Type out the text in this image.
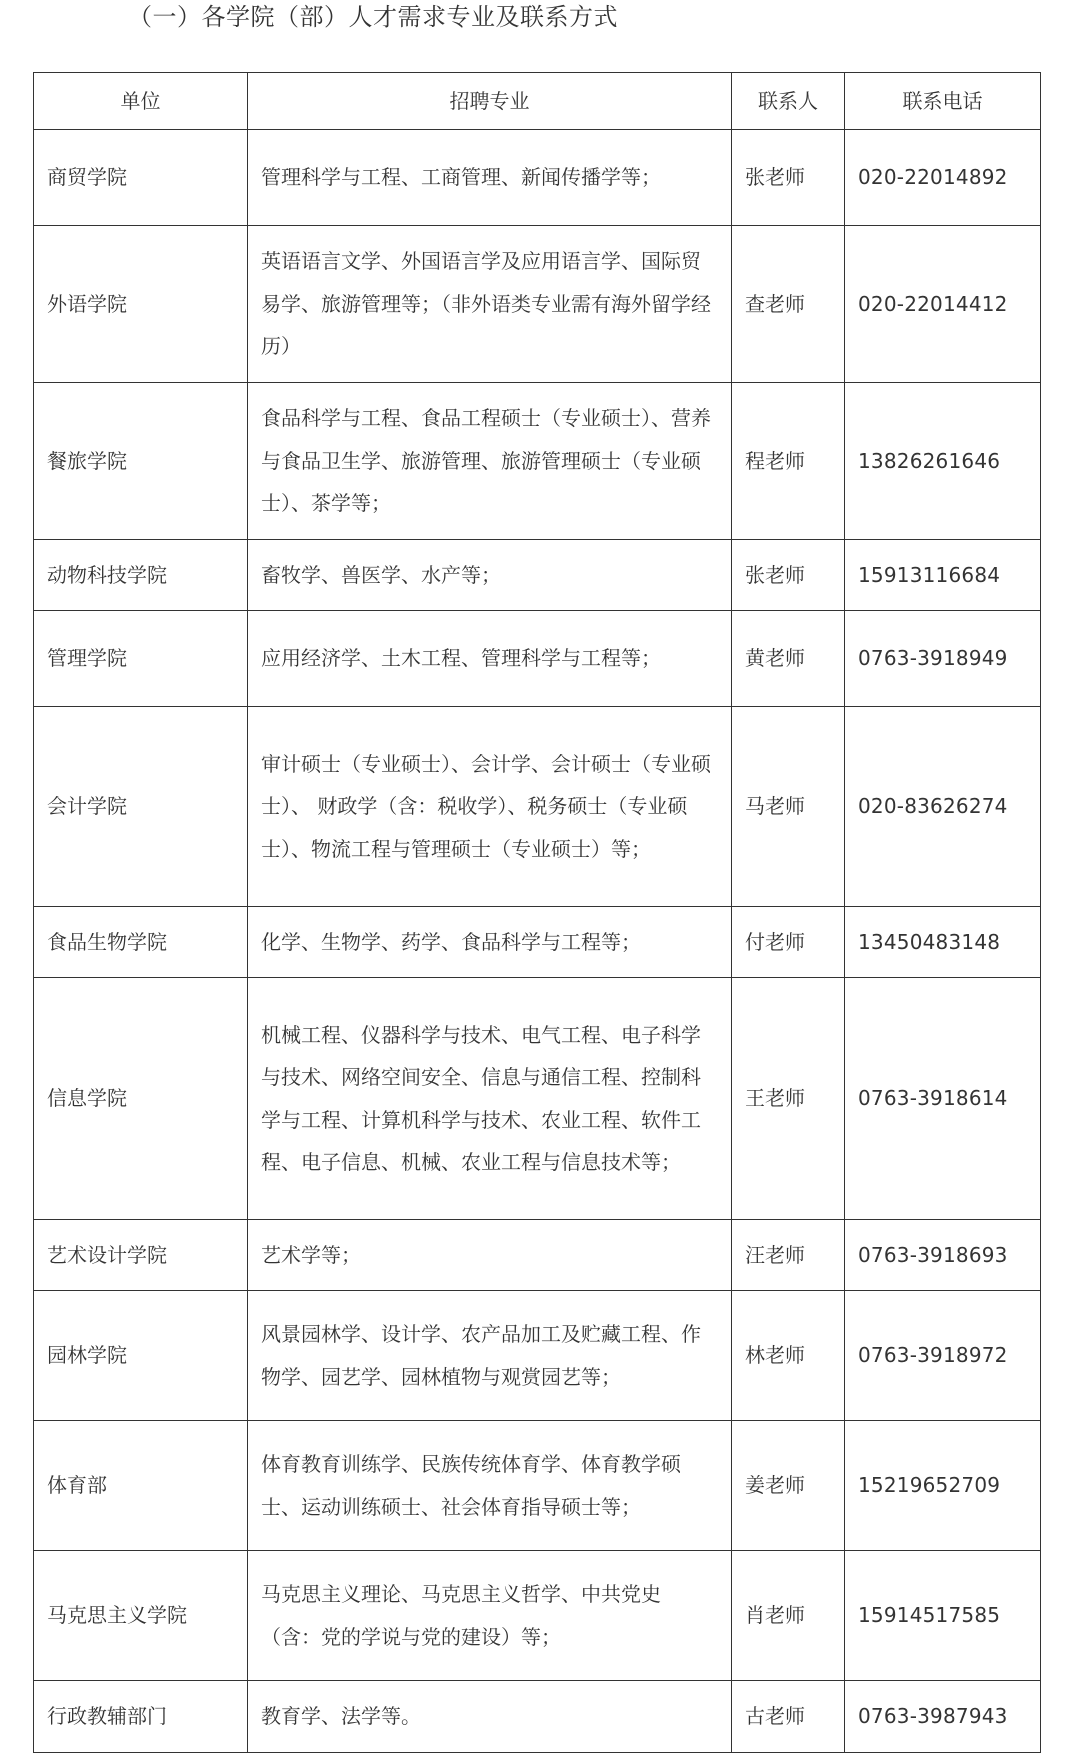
（一）各学院（部）人才需求专业及联系方式
单位	招聘专业	联系人	联系电话
商贸学院	管理科学与工程、工商管理、新闻传播学等；	张老师	020-22014892
外语学院	英语语言文学、外国语言学及应用语言学、国际贸易学、旅游管理等；（非外语类专业需有海外留学经历）	查老师	020-22014412
餐旅学院	食品科学与工程、食品工程硕士（专业硕士）、营养与食品卫生学、旅游管理、旅游管理硕士（专业硕士）、茶学等；	程老师	13826261646
动物科技学院	畜牧学、兽医学、水产等；	张老师	15913116684
管理学院	应用经济学、土木工程、管理科学与工程等；	黄老师	0763-3918949
会计学院	审计硕士（专业硕士）、会计学、会计硕士（专业硕士）、 财政学（含：税收学）、税务硕士（专业硕士）、物流工程与管理硕士（专业硕士）等；	马老师	020-83626274
食品生物学院	化学、生物学、药学、食品科学与工程等；	付老师	13450483148
信息学院	机械工程、仪器科学与技术、电气工程、电子科学与技术、网络空间安全、信息与通信工程、控制科学与工程、计算机科学与技术、农业工程、软件工程、电子信息、机械、农业工程与信息技术等；	王老师	0763-3918614
艺术设计学院	艺术学等；	汪老师	0763-3918693
园林学院	风景园林学、设计学、农产品加工及贮藏工程、作物学、园艺学、园林植物与观赏园艺等；	林老师	0763-3918972
体育部	体育教育训练学、民族传统体育学、体育教学硕士、运动训练硕士、社会体育指导硕士等；	姜老师	15219652709
马克思主义学院	马克思主义理论、马克思主义哲学、中共党史（含：党的学说与党的建设）等；	肖老师	15914517585
行政教辅部门	教育学、法学等。	古老师	0763-3987943
